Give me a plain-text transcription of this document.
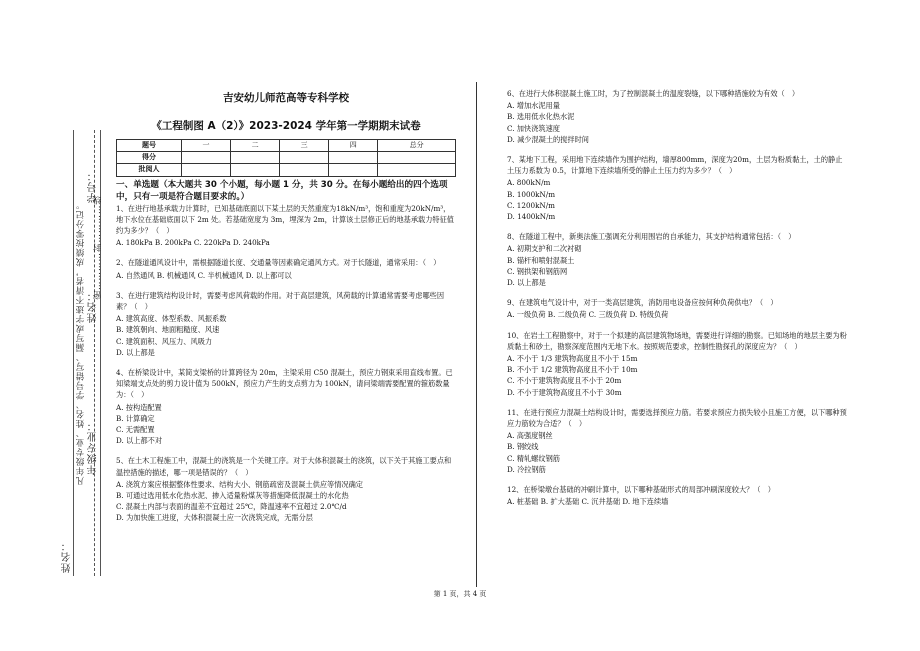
学号：
姓名：
年级专业：
凡年级专业、姓名、学号错写、漏写或字迹不清者，成绩按零分记。 密…………封…………线
姓名：
吉安幼儿师范高等专科学校
《工程制图 A（2）》2023-2024 学年第一学期期末试卷
题号	一	二	三	四	总分
得分					
批阅人					
一、单选题（本大题共 30 个小题，每小题 1 分，共 30 分。在每小题给出的四个选项中，只有一项是符合题目要求的。）

1、在进行地基承载力计算时，已知基础底面以下某土层的天然重度为18kN/m³，饱和重度为20kN/m³，地下水位在基础底面以下 2m 处。若基础宽度为 3m，埋深为 2m，计算该土层修正后的地基承载力特征值约为多少？（　）

A. 180kPa B. 200kPa C. 220kPa D. 240kPa

2、在隧道通风设计中，需根据隧道长度、交通量等因素确定通风方式。对于长隧道，通常采用：（　）

A. 自然通风 B. 机械通风 C. 半机械通风 D. 以上都可以

3、在进行建筑结构设计时，需要考虑风荷载的作用。对于高层建筑，风荷载的计算通常需要考虑哪些因素？（　）

A. 建筑高度、体型系数、风振系数

B. 建筑朝向、地面粗糙度、风速

C. 建筑面积、风压力、风吸力

D. 以上都是

4、在桥梁设计中，某简支梁桥的计算跨径为 20m，主梁采用 C50 混凝土，预应力钢束采用直线布置。已知梁端支点处的剪力设计值为 500kN，预应力产生的支点剪力为 100kN，请问梁端需要配置的箍筋数量为：（　）

A. 按构造配置

B. 计算确定

C. 无需配置

D. 以上都不对

5、在土木工程施工中，混凝土的浇筑是一个关键工序。对于大体积混凝土的浇筑，以下关于其施工要点和温控措施的描述，哪一项是错误的？（　）

A. 浇筑方案应根据整体性要求、结构大小、钢筋疏密及混凝土供应等情况确定

B. 可通过选用低水化热水泥、掺入适量粉煤灰等措施降低混凝土的水化热

C. 混凝土内部与表面的温差不宜超过 25℃，降温速率不宜超过 2.0℃/d

D. 为加快施工进度，大体积混凝土应一次浇筑完成，无需分层

6、在进行大体积混凝土施工时，为了控制混凝土的温度裂缝，以下哪种措施较为有效（　）

A. 增加水泥用量

B. 选用低水化热水泥

C. 加快浇筑速度

D. 减少混凝土的搅拌时间

7、某地下工程，采用地下连续墙作为围护结构，墙厚800mm，深度为20m，土层为粉质黏土，土的静止土压力系数为 0.5，计算地下连续墙所受的静止土压力约为多少？（　）

A. 800kN/m

B. 1000kN/m

C. 1200kN/m

D. 1400kN/m

8、在隧道工程中，新奥法施工强调充分利用围岩的自承能力，其支护结构通常包括：（　）

A. 初期支护和二次衬砌

B. 锚杆和喷射混凝土

C. 钢拱架和钢筋网

D. 以上都是

9、在建筑电气设计中，对于一类高层建筑，消防用电设备应按何种负荷供电？（　）

A. 一级负荷 B. 二级负荷 C. 三级负荷 D. 特级负荷

10、在岩土工程勘察中，对于一个拟建的高层建筑物场地，需要进行详细的勘察。已知场地的地层主要为粉质黏土和砂土，勘察深度范围内无地下水。按照规范要求，控制性勘探孔的深度应为？（　）

A. 不小于 1/3 建筑物高度且不小于 15m

B. 不小于 1/2 建筑物高度且不小于 10m

C. 不小于建筑物高度且不小于 20m

D. 不小于建筑物高度且不小于 30m

11、在进行预应力混凝土结构设计时，需要选择预应力筋。若要求预应力损失较小且施工方便，以下哪种预应力筋较为合适？（　）

A. 高强度钢丝

B. 钢绞线

C. 精轧螺纹钢筋

D. 冷拉钢筋

12、在桥梁墩台基础的冲刷计算中，以下哪种基础形式的局部冲刷深度较大？（　）

A. 桩基础 B. 扩大基础 C. 沉井基础 D. 地下连续墙

第 1 页，共 4 页
